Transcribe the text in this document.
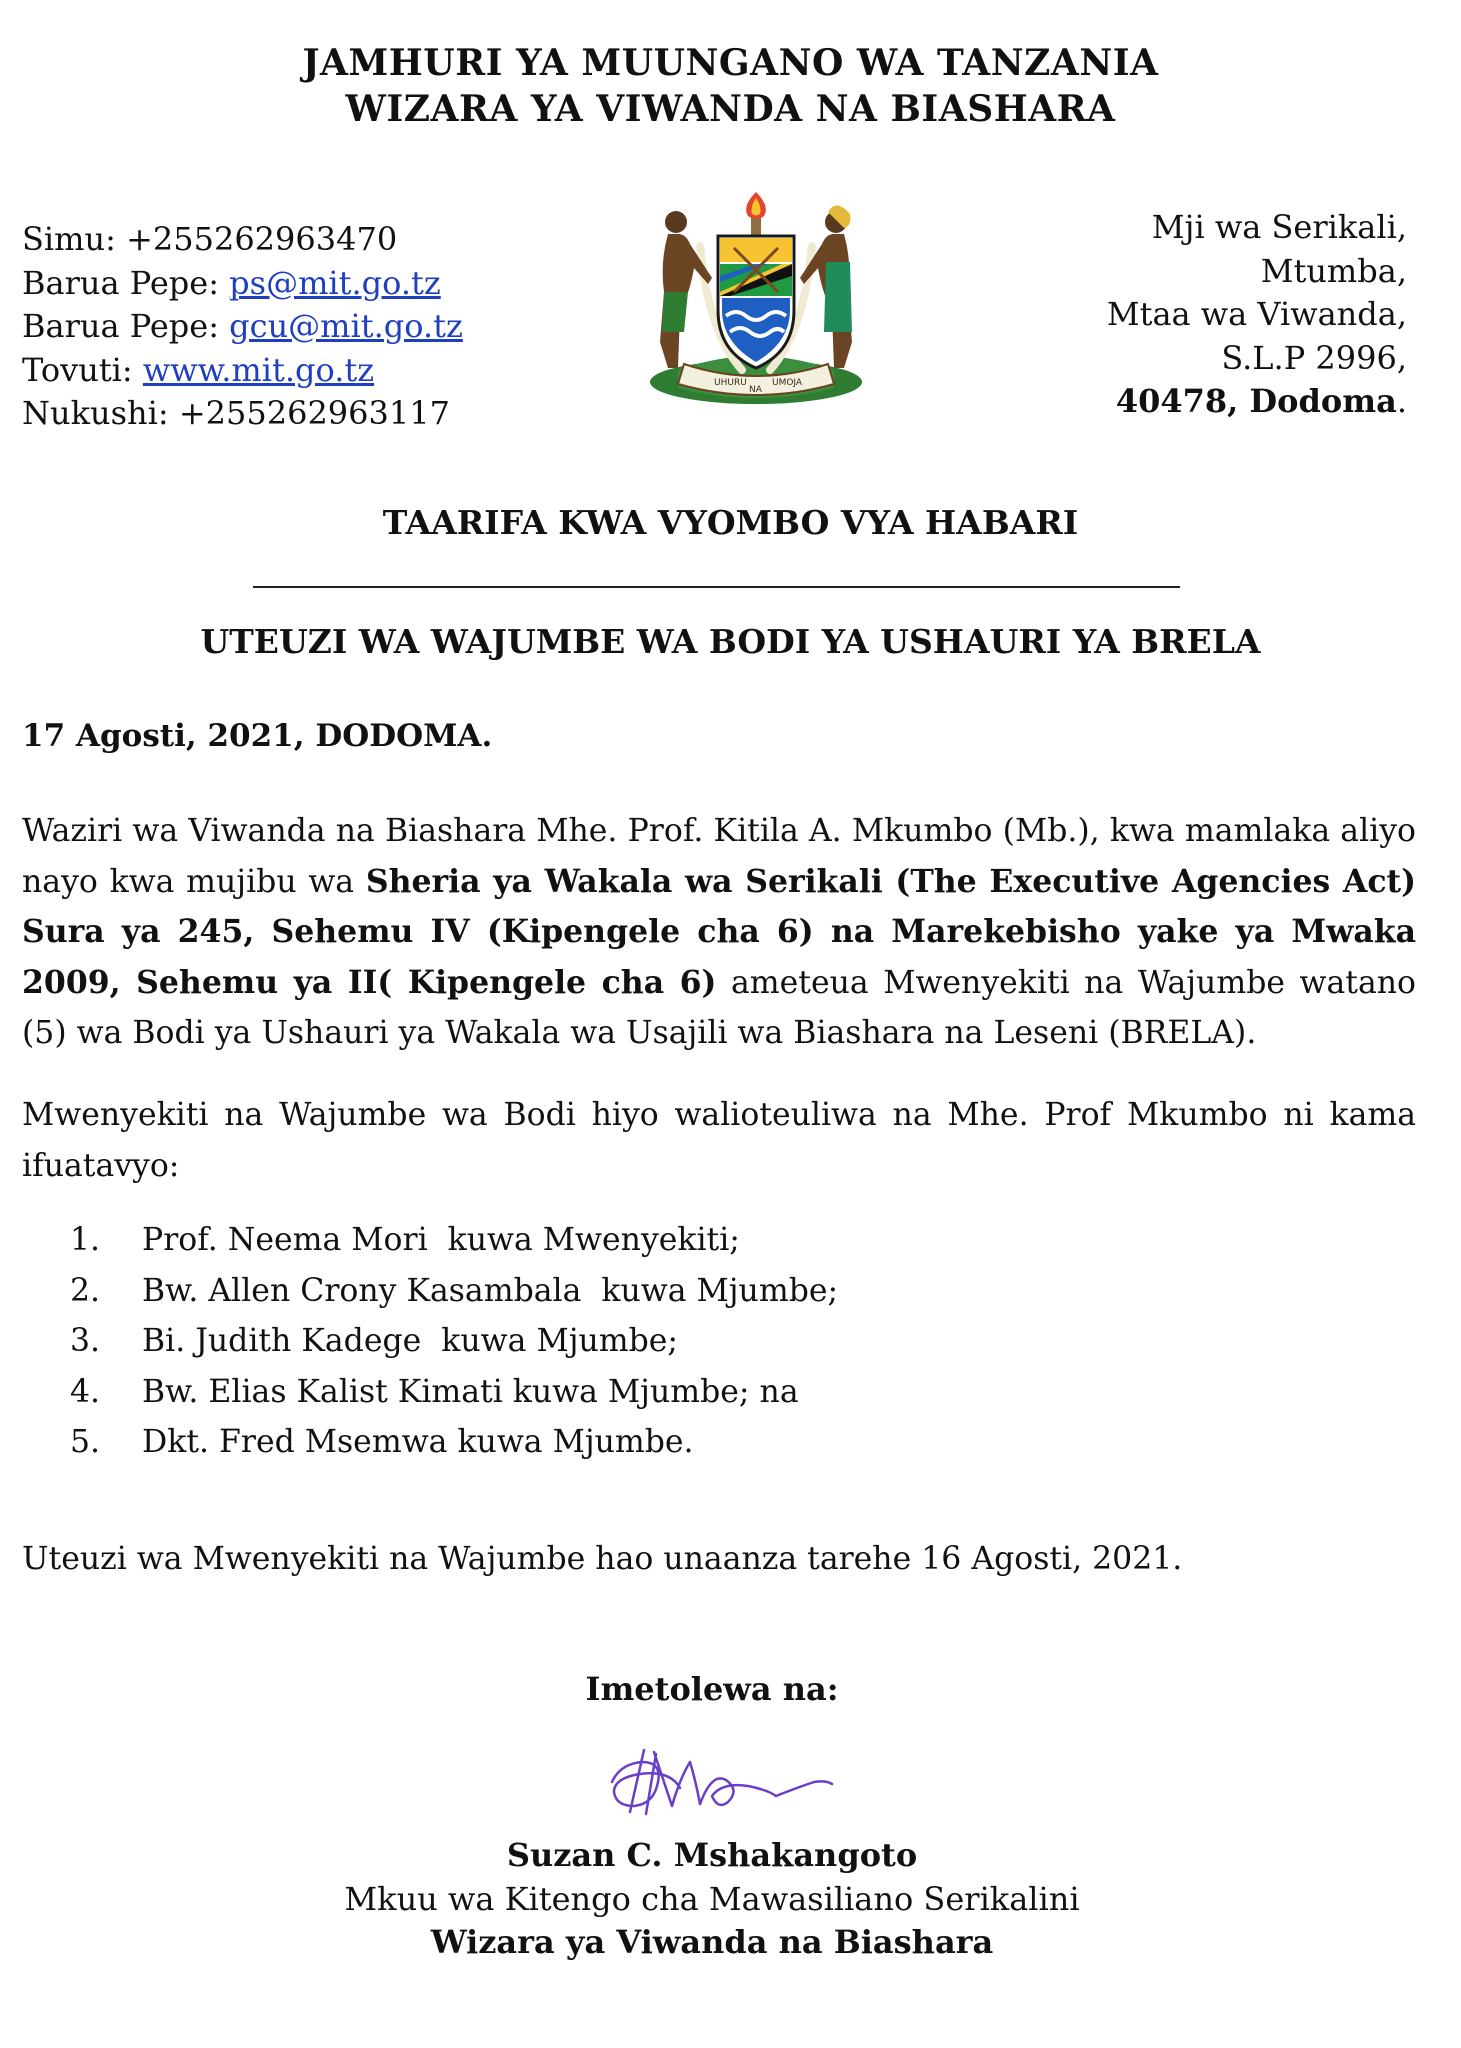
JAMHURI YA MUUNGANO WA TANZANIA
WIZARA YA VIWANDA NA BIASHARA
Simu: +255262963470
Barua Pepe: ps@mit.go.tz
Barua Pepe: gcu@mit.go.tz
Tovuti: www.mit.go.tz
Nukushi: +255262963117
UHURU
NA
UMOJA
Mji wa Serikali,
Mtumba,
Mtaa wa Viwanda,
S.L.P 2996,
40478, Dodoma.
TAARIFA KWA VYOMBO VYA HABARI
UTEUZI WA WAJUMBE WA BODI YA USHAURI YA BRELA
17 Agosti, 2021, DODOMA.
Waziri wa Viwanda na Biashara Mhe. Prof. Kitila A. Mkumbo (Mb.), kwa mamlaka aliyo nayo kwa mujibu wa Sheria ya Wakala wa Serikali (The Executive Agencies Act) Sura ya 245, Sehemu IV (Kipengele cha 6) na Marekebisho yake ya Mwaka 2009, Sehemu ya II( Kipengele cha 6) ameteua Mwenyekiti na Wajumbe watano (5) wa Bodi ya Ushauri ya Wakala wa Usajili wa Biashara na Leseni (BRELA).
Mwenyekiti na Wajumbe wa Bodi hiyo walioteuliwa na Mhe. Prof Mkumbo ni kama ifuatavyo:
1. Prof. Neema Mori  kuwa Mwenyekiti;
2. Bw. Allen Crony Kasambala  kuwa Mjumbe;
3. Bi. Judith Kadege  kuwa Mjumbe;
4. Bw. Elias Kalist Kimati kuwa Mjumbe; na
5. Dkt. Fred Msemwa kuwa Mjumbe.
Uteuzi wa Mwenyekiti na Wajumbe hao unaanza tarehe 16 Agosti, 2021.
Imetolewa na:
Suzan C. Mshakangoto
Mkuu wa Kitengo cha Mawasiliano Serikalini
Wizara ya Viwanda na Biashara
